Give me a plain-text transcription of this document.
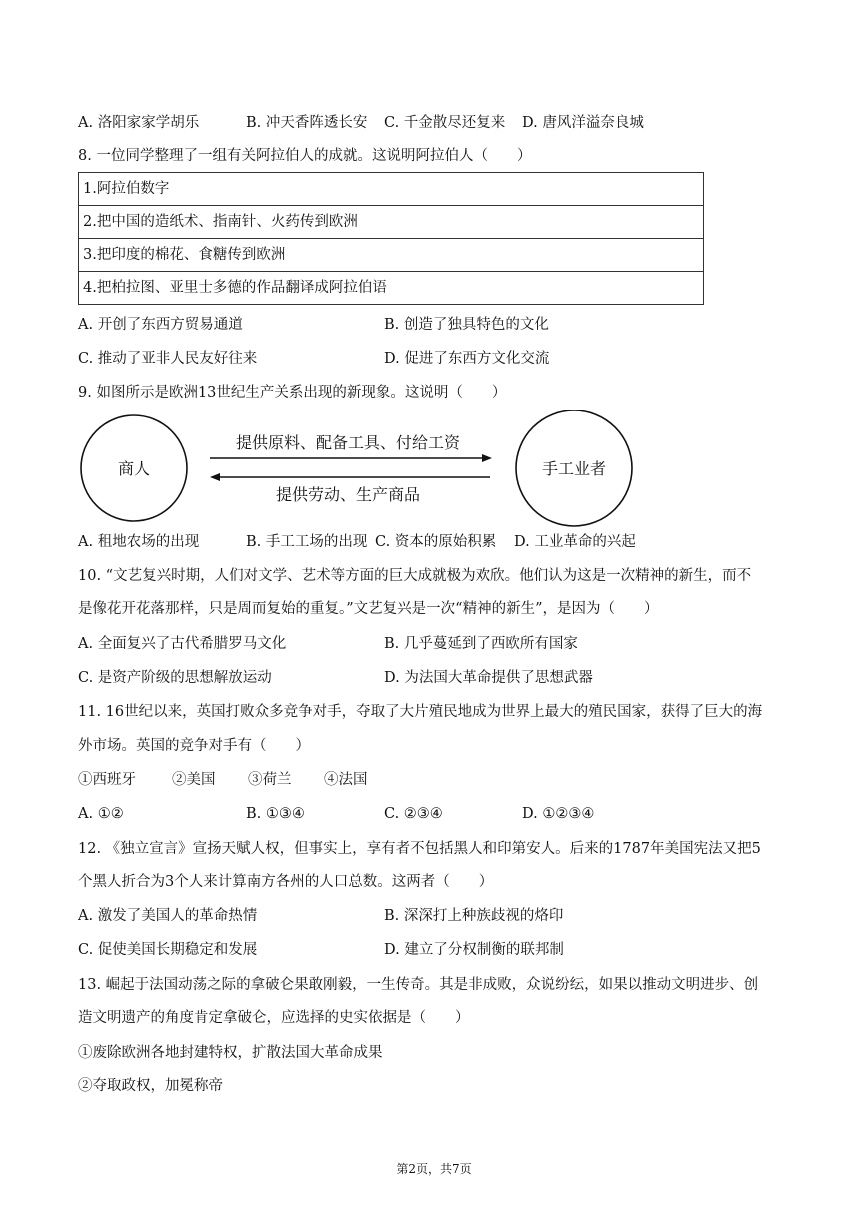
A. 洛阳家家学胡乐	B. 冲天香阵透长安 C. 千金散尽还复来 D. 唐风洋溢奈良城
8. 一位同学整理了一组有关阿拉伯人的成就。这说明阿拉伯人（　　）
1.阿拉伯数字
2.把中国的造纸术、指南针、火药传到欧洲
3.把印度的棉花、食糖传到欧洲
4.把柏拉图、亚里士多德的作品翻译成阿拉伯语
A. 开创了东西方贸易通道	B. 创造了独具特色的文化
C. 推动了亚非人民友好往来	D. 促进了东西方文化交流
9. 如图所示是欧洲13世纪生产关系出现的新现象。这说明（　　）
商人	手工业者
提供原料、配备工具、付给工资
提供劳动、生产商品
A. 租地农场的出现	B. 手工工场的出现 C. 资本的原始积累 D. 工业革命的兴起
10. “文艺复兴时期，人们对文学、艺术等方面的巨大成就极为欢欣。他们认为这是一次精神的新生，而不
是像花开花落那样，只是周而复始的重复。”文艺复兴是一次“精神的新生”，是因为（　　）
A. 全面复兴了古代希腊罗马文化	B. 几乎蔓延到了西欧所有国家
C. 是资产阶级的思想解放运动	D. 为法国大革命提供了思想武器
11. 16世纪以来，英国打败众多竞争对手，夺取了大片殖民地成为世界上最大的殖民国家，获得了巨大的海
外市场。英国的竞争对手有（　　）
①西班牙 ②美国 ③荷兰 ④法国
A. ①②	B. ①③④	C. ②③④	D. ①②③④
12. 《独立宣言》宣扬天赋人权，但事实上，享有者不包括黑人和印第安人。后来的1787年美国宪法又把5
个黑人折合为3个人来计算南方各州的人口总数。这两者（　　）
A. 激发了美国人的革命热情	B. 深深打上种族歧视的烙印
C. 促使美国长期稳定和发展	D. 建立了分权制衡的联邦制
13. 崛起于法国动荡之际的拿破仑果敢刚毅，一生传奇。其是非成败，众说纷纭，如果以推动文明进步、创
造文明遗产的角度肯定拿破仑，应选择的史实依据是（　　）
①废除欧洲各地封建特权，扩散法国大革命成果
②夺取政权，加冕称帝
第2页，共7页
